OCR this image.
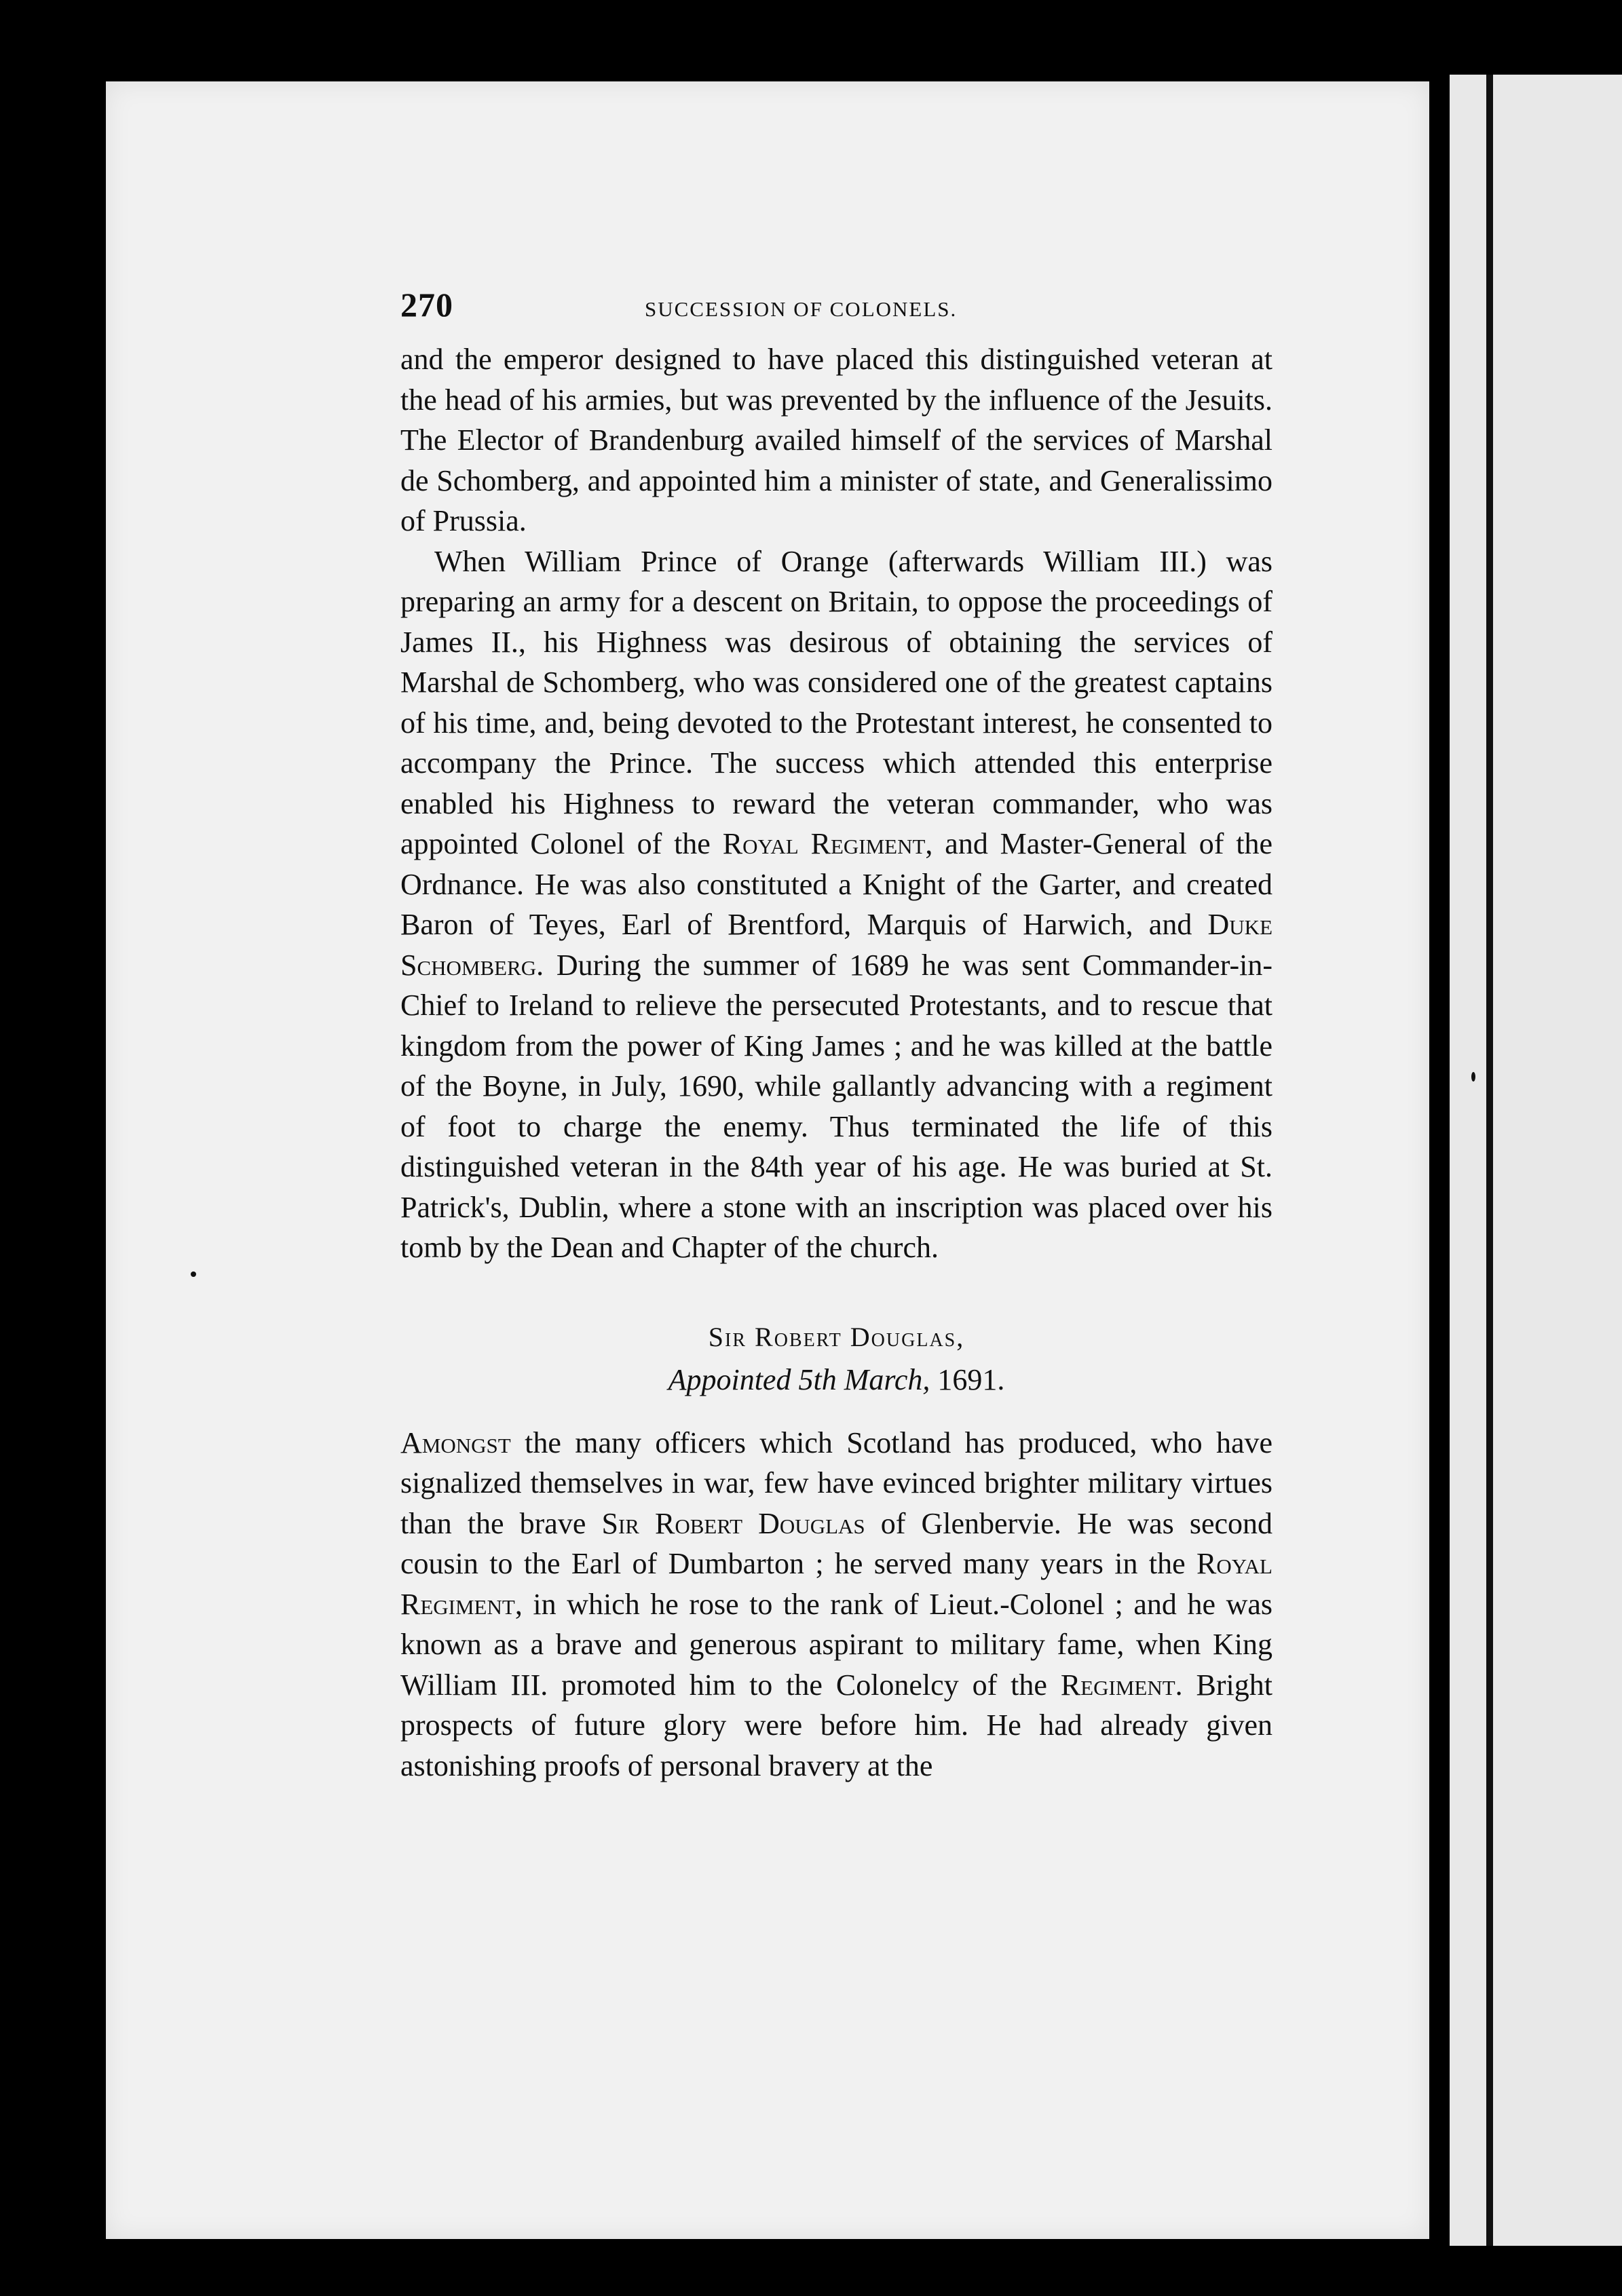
270	SUCCESSION OF COLONELS.

and the emperor designed to have placed this distinguished veteran at the head of his armies, but was prevented by the influence of the Jesuits. The Elector of Brandenburg availed himself of the services of Marshal de Schomberg, and appointed him a minister of state, and Generalissimo of Prussia.

When William Prince of Orange (afterwards William III.) was preparing an army for a descent on Britain, to oppose the proceedings of James II., his Highness was desirous of obtaining the services of Marshal de Schomberg, who was considered one of the greatest captains of his time, and, being devoted to the Protestant interest, he consented to accompany the Prince. The success which attended this enterprise enabled his Highness to reward the veteran commander, who was appointed Colonel of the Royal Regiment, and Master-General of the Ordnance. He was also constituted a Knight of the Garter, and created Baron of Teyes, Earl of Brentford, Marquis of Harwich, and Duke Schomberg. During the summer of 1689 he was sent Commander-in-Chief to Ireland to relieve the persecuted Protestants, and to rescue that kingdom from the power of King James ; and he was killed at the battle of the Boyne, in July, 1690, while gallantly advancing with a regiment of foot to charge the enemy. Thus terminated the life of this distinguished veteran in the 84th year of his age. He was buried at St. Patrick's, Dublin, where a stone with an inscription was placed over his tomb by the Dean and Chapter of the church.

Sir Robert Douglas,
Appointed 5th March, 1691.

Amongst the many officers which Scotland has produced, who have signalized themselves in war, few have evinced brighter military virtues than the brave Sir Robert Douglas of Glenbervie. He was second cousin to the Earl of Dumbarton ; he served many years in the Royal Regiment, in which he rose to the rank of Lieut.-Colonel ; and he was known as a brave and generous aspirant to military fame, when King William III. promoted him to the Colonelcy of the Regiment. Bright prospects of future glory were before him. He had already given astonishing proofs of personal bravery at the
